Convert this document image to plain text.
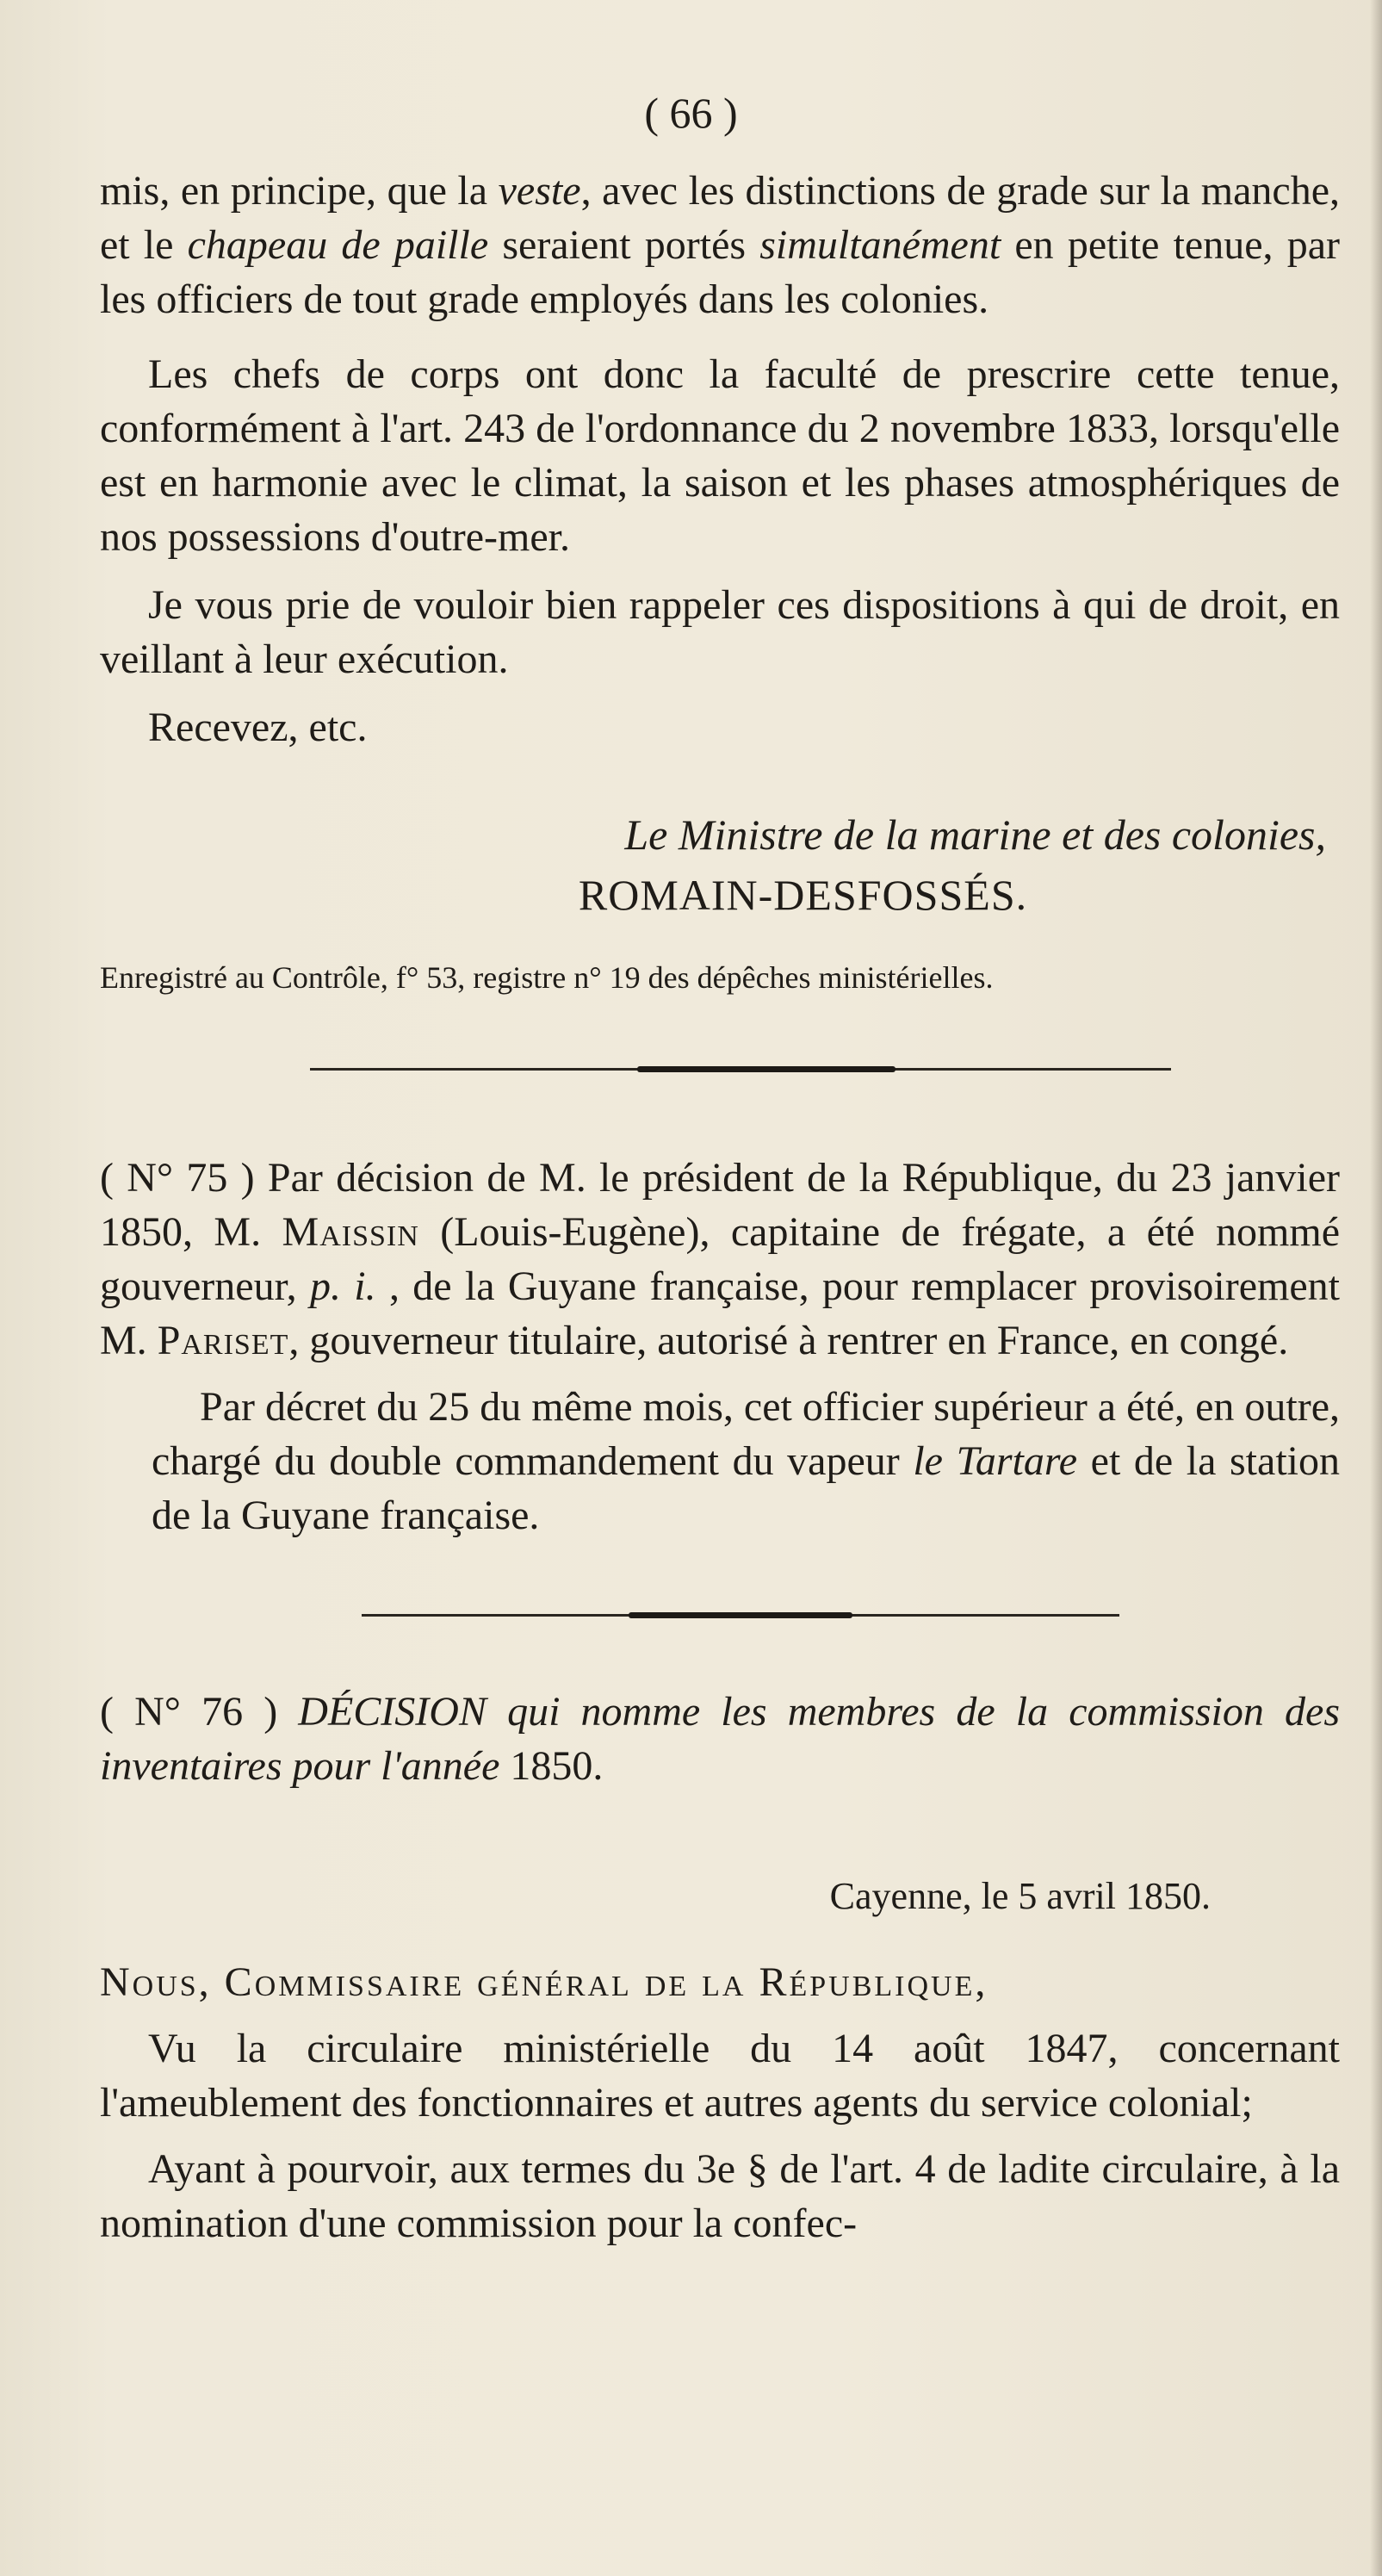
( 66 )

mis, en principe, que la veste, avec les distinctions de grade sur la manche, et le chapeau de paille seraient portés simultanément en petite tenue, par les officiers de tout grade employés dans les colonies.

Les chefs de corps ont donc la faculté de prescrire cette tenue, conformément à l'art. 243 de l'ordonnance du 2 novembre 1833, lorsqu'elle est en harmonie avec le climat, la saison et les phases atmosphériques de nos possessions d'outre-mer.

Je vous prie de vouloir bien rappeler ces dispositions à qui de droit, en veillant à leur exécution.

Recevez, etc.

Le Ministre de la marine et des colonies,
ROMAIN-DESFOSSÉS.
Enregistré au Contrôle, f° 53, registre n° 19 des dépêches ministérielles.

( N° 75 ) Par décision de M. le président de la République, du 23 janvier 1850, M. Maissin (Louis-Eugène), capitaine de frégate, a été nommé gouverneur, p. i. , de la Guyane française, pour remplacer provisoirement M. Pariset, gouverneur titulaire, autorisé à rentrer en France, en congé.

Par décret du 25 du même mois, cet officier supérieur a été, en outre, chargé du double commandement du vapeur le Tartare et de la station de la Guyane française.

( N° 76 ) DÉCISION qui nomme les membres de la commission des inventaires pour l'année 1850.

Cayenne, le 5 avril 1850.

Nous, Commissaire général de la République,

Vu la circulaire ministérielle du 14 août 1847, concernant l'ameublement des fonctionnaires et autres agents du service colonial;

Ayant à pourvoir, aux termes du 3e § de l'art. 4 de ladite circulaire, à la nomination d'une commission pour la confec-
